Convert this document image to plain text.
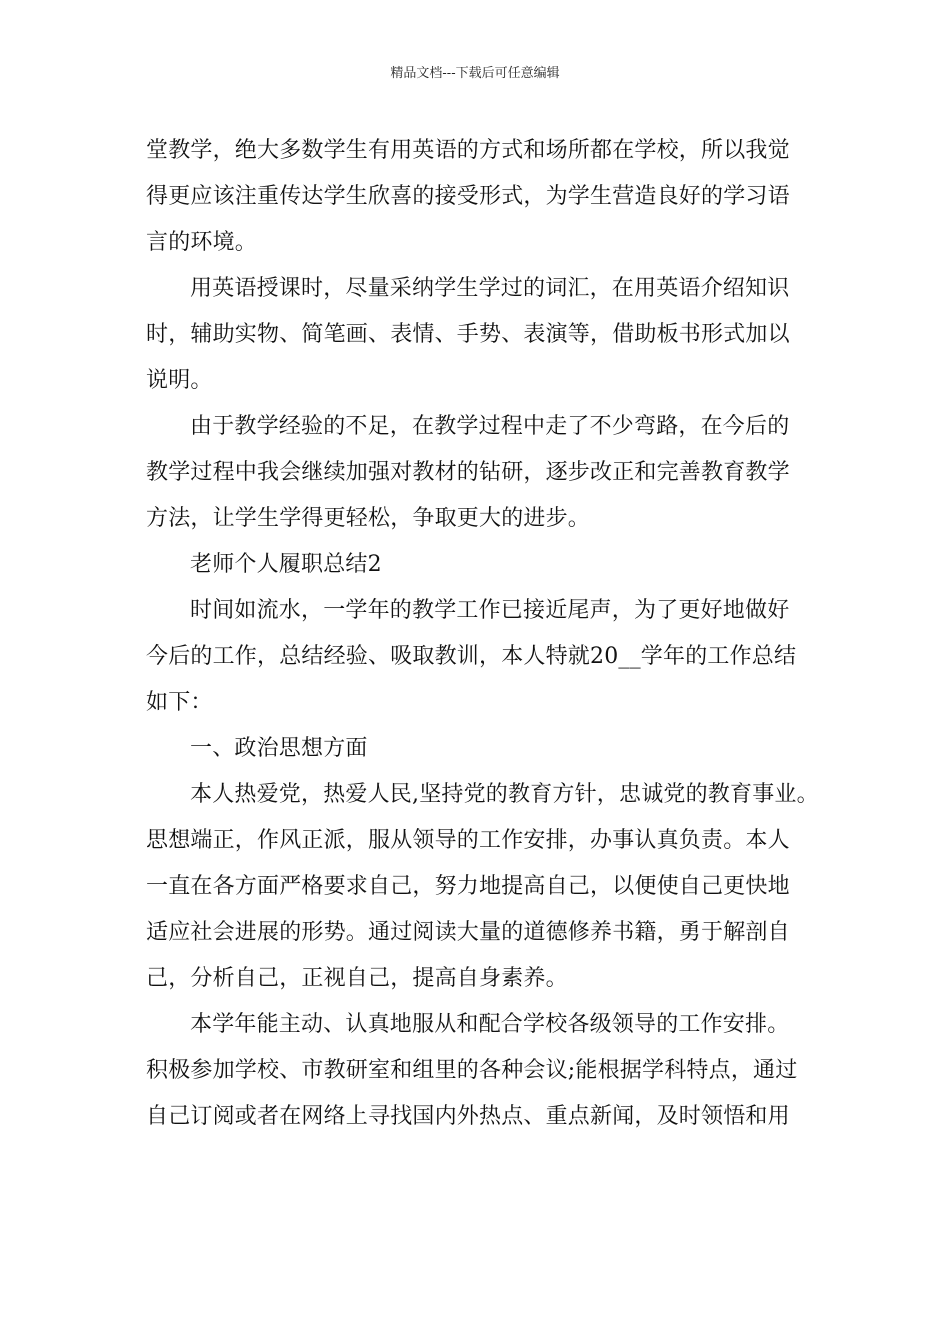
精品文档---下载后可任意编辑
堂教学，绝大多数学生有用英语的方式和场所都在学校，所以我觉
得更应该注重传达学生欣喜的接受形式，为学生营造良好的学习语
言的环境。
用英语授课时，尽量采纳学生学过的词汇，在用英语介绍知识
时，辅助实物、简笔画、表情、手势、表演等，借助板书形式加以
说明。
由于教学经验的不足，在教学过程中走了不少弯路，在今后的
教学过程中我会继续加强对教材的钻研，逐步改正和完善教育教学
方法，让学生学得更轻松，争取更大的进步。
老师个人履职总结2
时间如流水，一学年的教学工作已接近尾声，为了更好地做好
今后的工作，总结经验、吸取教训，本人特就20__学年的工作总结
如下：
一、政治思想方面
本人热爱党，热爱人民,坚持党的教育方针，忠诚党的教育事业。
思想端正，作风正派，服从领导的工作安排，办事认真负责。本人
一直在各方面严格要求自己，努力地提高自己，以便使自己更快地
适应社会进展的形势。通过阅读大量的道德修养书籍，勇于解剖自
己，分析自己，正视自己，提高自身素养。
本学年能主动、认真地服从和配合学校各级领导的工作安排。
积极参加学校、市教研室和组里的各种会议;能根据学科特点，通过
自己订阅或者在网络上寻找国内外热点、重点新闻，及时领悟和用
